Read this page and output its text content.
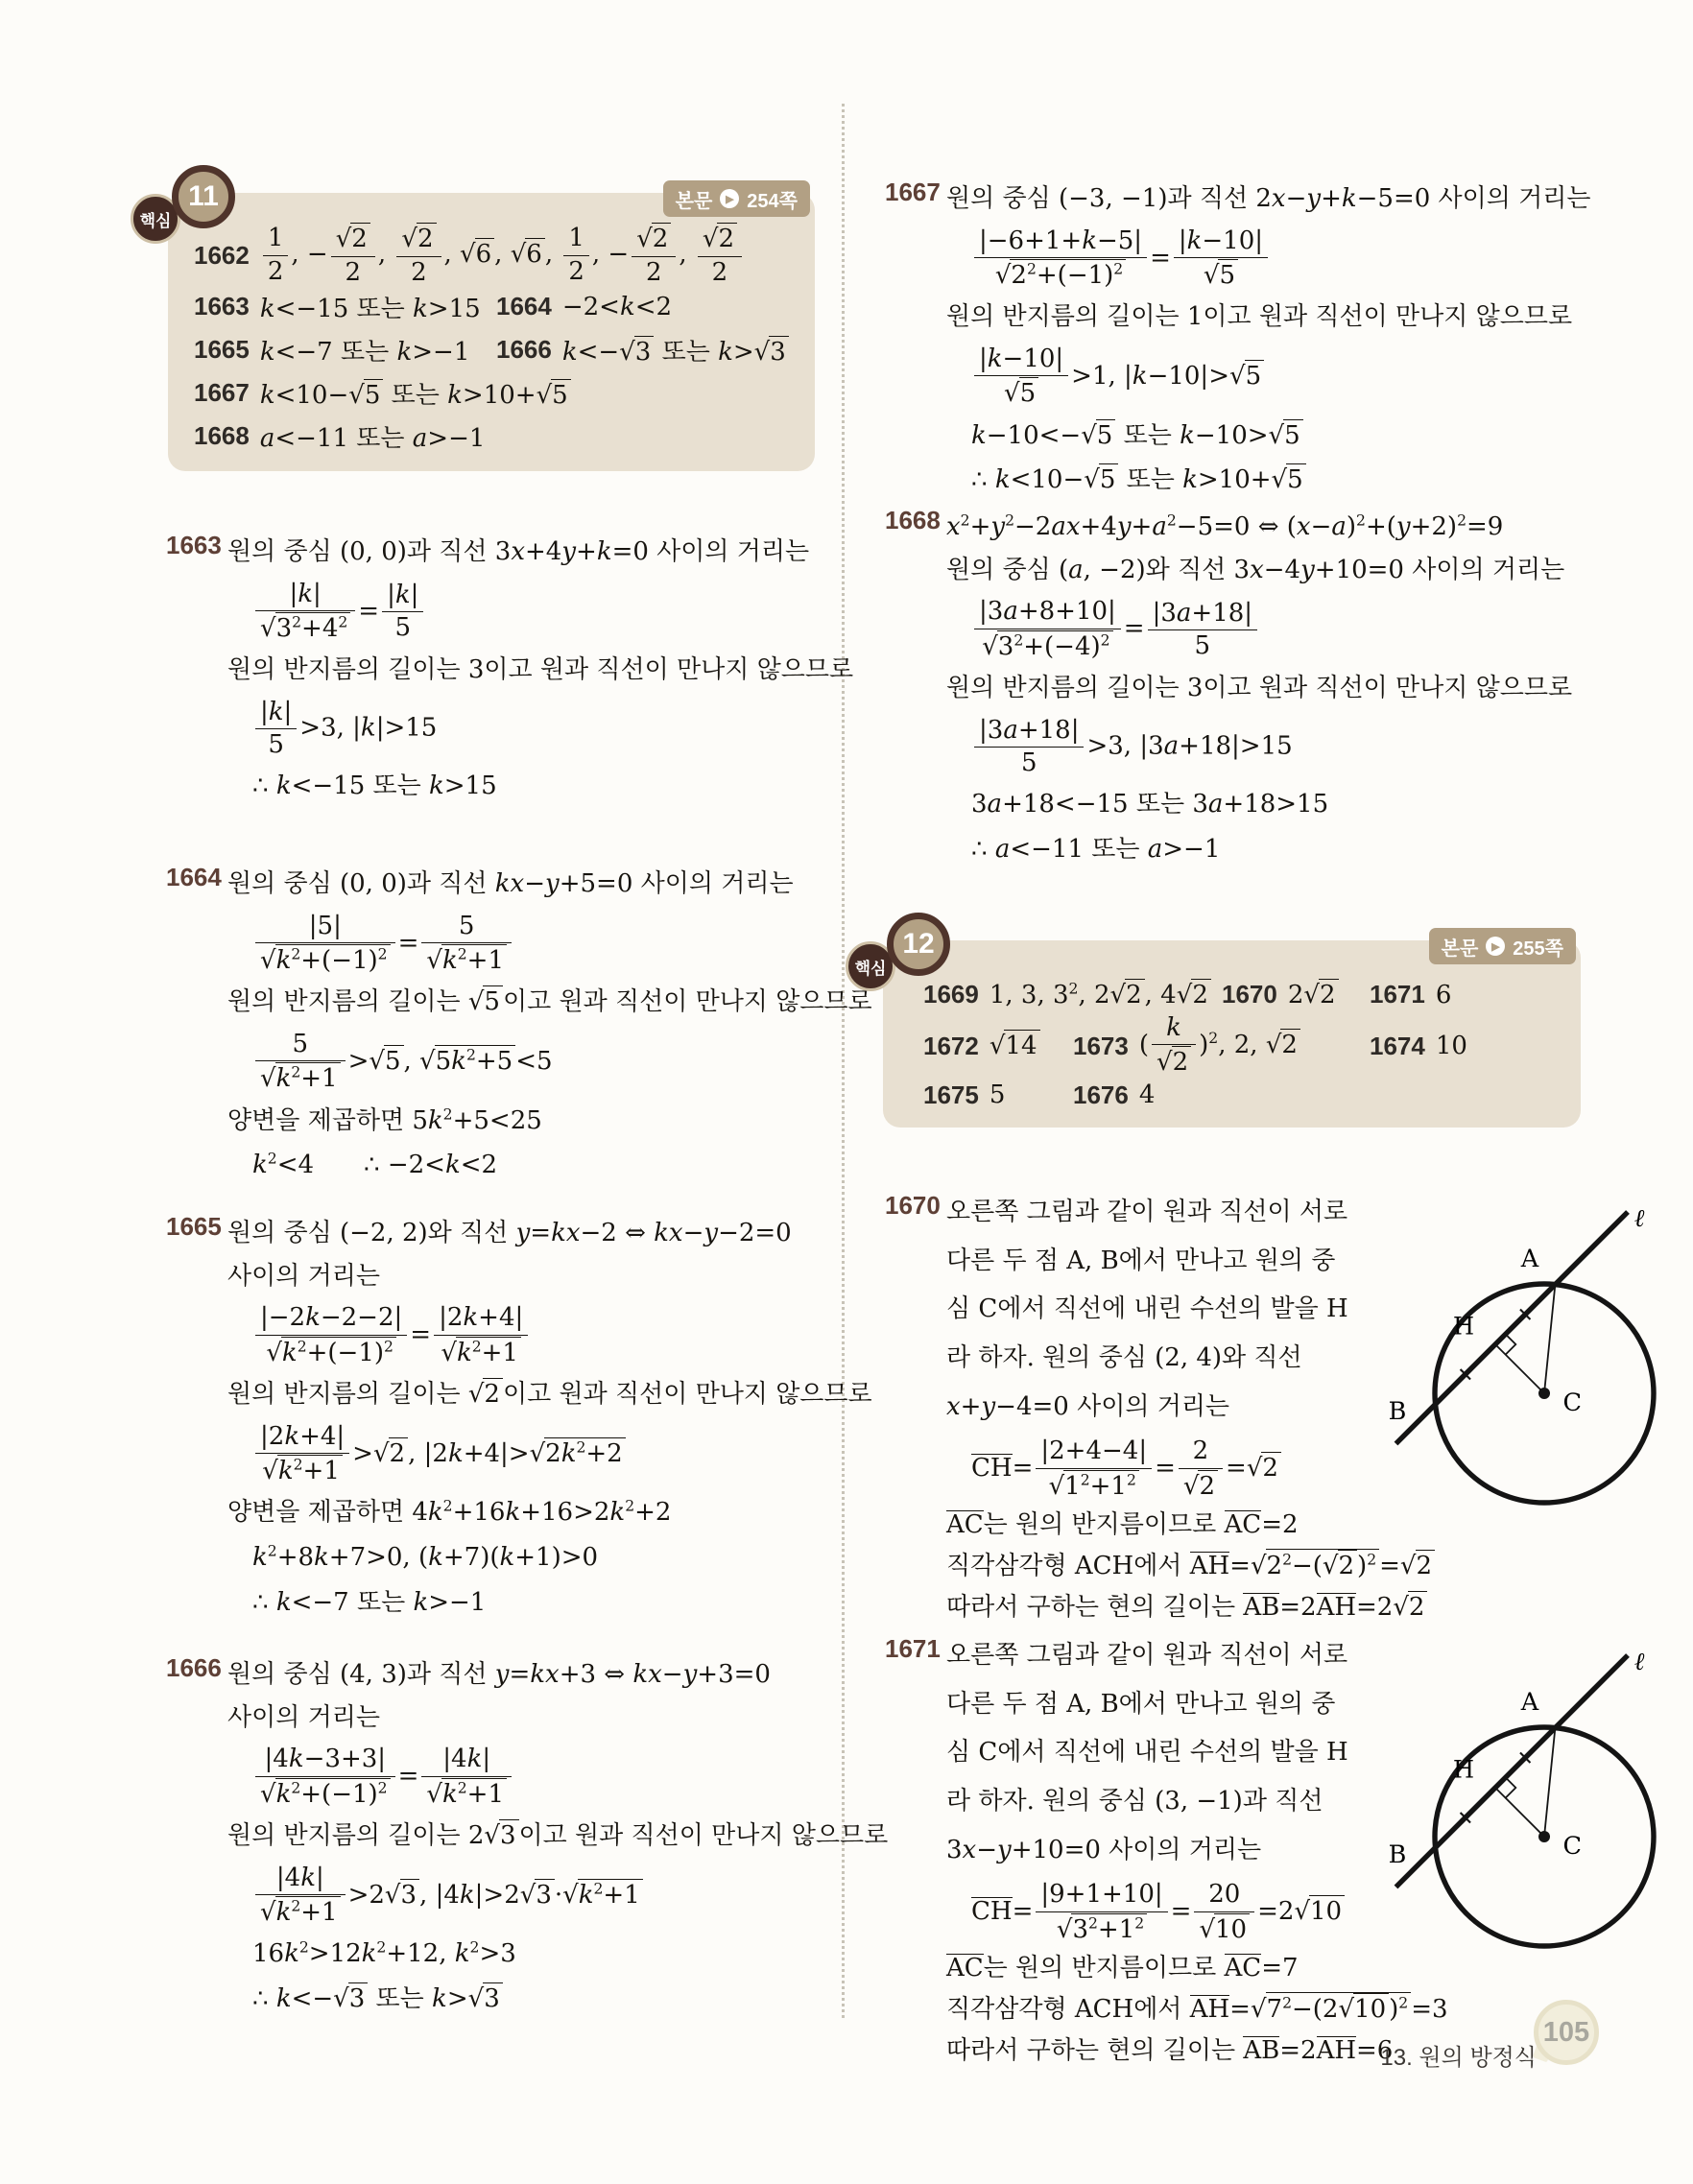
핵심
11	본문	▶ 254쪽
$1662 \frac{1}{2}$ , − $\frac{√ 2}{2}$ , $\frac{√ 2}{2}$ , √ 6 , √ 6 , $\frac{1}{2}$ , − $\frac{√ 2}{2}$ , $\frac{√ 2}{2}$
1663 k<−15 또는 k>15 1664 −2<k<2
1665 k<−7 또는 k>−1 1666 k<− √ 3 또는 k> √ 3
1667 k<10− √ 5 또는 k>10+ √ 5
1668 a<−11 또는 a>−1
1663 원의 중심 (0, 0)과 직선 3x+4y+k=0 사이의 거리는
$\frac{|k|}{√ 3^2+4^2} = \frac{|k|}{5}$
원의 반지름의 길이는 3이고 원과 직선이 만나지 않으므로
$\frac{|k|}{5} >3$, |k|>15
∴ k<−15 또는 k>15
1664 원의 중심 (0, 0)과 직선 kx−y+5=0 사이의 거리는
$\frac{|5|}{√ k^2+(-1)^2} = \frac{5}{√ k^2+1}$
원의 반지름의 길이는 √ 5 이고 원과 직선이 만나지 않으므로
$\frac{5}{√ k^2+1}$ > √ 5 , √ $5k^2+5 <5$
양변을 제곱하면 $5k^2+5<25$
$k^2<4$  ∴ −2<k<2
1665 원의 중심 (−2, 2)와 직선 y=kx−2 ⇔ kx−y−2=0
사이의 거리는
$\frac{|-2k-2-2|}{√ k^2+(-1)^2} = \frac{|2k+4|}{√ k^2+1}$
원의 반지름의 길이는 √ 2 이고 원과 직선이 만나지 않으므로
$\frac{|2k+4|}{√ k^2+1}$ > √ 2 , |2k+4|> √ $2k^2+2$
양변을 제곱하면 $4k^2+16k+16>2k^2+2$
$k^2+8k+7>0$, (k+7)(k+1)>0
∴ k<−7 또는 k>−1
1666 원의 중심 (4, 3)과 직선 y=kx+3 ⇔ kx−y+3=0
사이의 거리는
$\frac{|4k-3+3|}{√ k^2+(-1)^2} = \frac{|4k|}{√ k^2+1}$
원의 반지름의 길이는 2 √ 3 이고 원과 직선이 만나지 않으므로
$\frac{|4k|}{√ k^2+1} >2$ √ 3 , |4k|>2 √ 3 · √ $k^2+1$
$16k^2>12k^2+12$, $k^2>3$
∴ k<− √ 3 또는 k> √ 3
1667 원의 중심 (−3, −1)과 직선 2x−y+k−5=0 사이의 거리는
$\frac{|-6+1+k-5|}{√ 2^2+(-1)^2} = \frac{|k-10|}{√ 5}$
원의 반지름의 길이는 1이고 원과 직선이 만나지 않으므로
$\frac{|k-10|}{√ 5} >1$, |k−10|> √ 5
k−10<− √ 5 또는 k−10> √ 5
∴ k<10− √ 5 또는 k>10+ √ 5
1668 $x^2+y^2-2ax+4y+a^2-5=0$ ⇔ $(x-a)^2+(y+2)^2=9$
원의 중심 (a, −2)와 직선 3x−4y+10=0 사이의 거리는
$\frac{|3a+8+10|}{√ 3^2+(-4)^2} = \frac{|3a+18|}{5}$
원의 반지름의 길이는 3이고 원과 직선이 만나지 않으므로
$\frac{|3a+18|}{5} >3$, |3a+18|>15
3a+18<−15 또는 3a+18>15
∴ a<−11 또는 a>−1
핵심
12	본문	▶ 255쪽
1669 1, 3, $3^2$, 2 √ 2 , 4 √ 2 1670 2 √ 2 1671 6
1672 √ 14 1673 ( $\frac{k}{√ 2} )^2$, 2, √ 2	1674 10
1675 5	1676 4
1670 오른쪽 그림과 같이 원과 직선이 서로
다른 두 점 A, B에서 만나고 원의 중
심 C에서 직선에 내린 수선의 발을 H
라 하자. 원의 중심 (2, 4)와 직선
x+y−4=0 사이의 거리는
$CH= \frac{|2+4-4|}{√ 1^2+1^2} = \frac{2}{√ 2}$ = √ 2
AC는 원의 반지름이므로 AC=2
직각삼각형 ACH에서 AH= √ $2^2-$( √ 2 )$^2$ = √ 2
따라서 구하는 현의 길이는 AB=2AH=2 √ 2
A
ℓ
H
B	C
1671 오른쪽 그림과 같이 원과 직선이 서로
다른 두 점 A, B에서 만나고 원의 중
심 C에서 직선에 내린 수선의 발을 H
라 하자. 원의 중심 (3, −1)과 직선
3x−y+10=0 사이의 거리는
$CH= \frac{|9+1+10|}{√ 3^2+1^2} = \frac{20}{√ 10} =2$ √ 10
AC는 원의 반지름이므로 AC=7
직각삼각형 ACH에서 AH= √ $7^2-(2$ √ 10 )$^2$ =3
따라서 구하는 현의 길이는 AB=2AH=6
A
ℓ
H
B	C
13. 원의 방정식
105
